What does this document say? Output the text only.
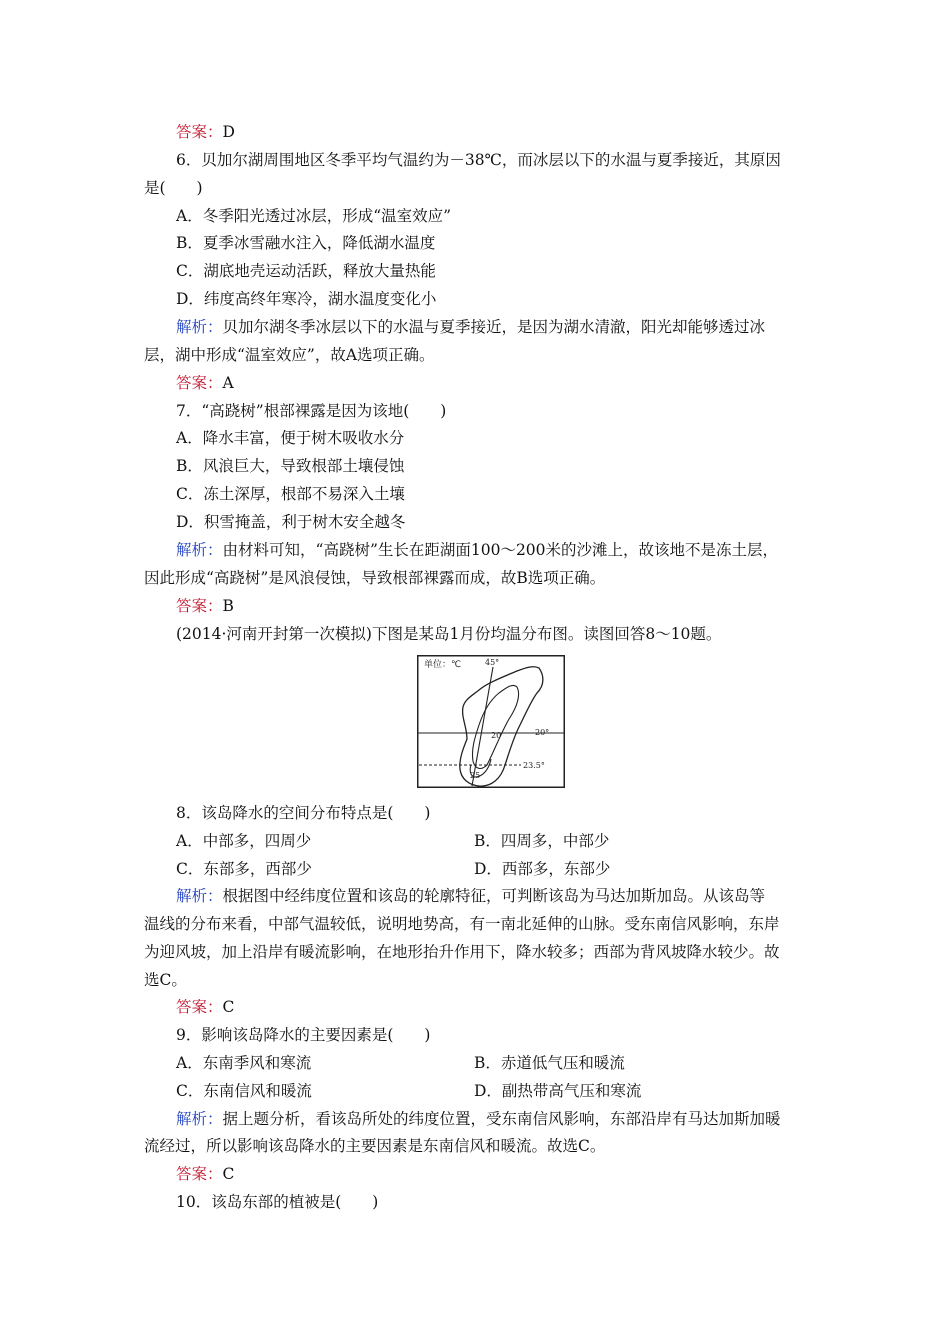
答案：D
6．贝加尔湖周围地区冬季平均气温约为－38℃，而冰层以下的水温与夏季接近，其原因
是(　　)
A．冬季阳光透过冰层，形成“温室效应”
B．夏季冰雪融水注入，降低湖水温度
C．湖底地壳运动活跃，释放大量热能
D．纬度高终年寒冷，湖水温度变化小
解析：贝加尔湖冬季冰层以下的水温与夏季接近，是因为湖水清澈，阳光却能够透过冰
层，湖中形成“温室效应”，故A选项正确。
答案：A
7．“高跷树”根部裸露是因为该地(　　)
A．降水丰富，便于树木吸收水分
B．风浪巨大，导致根部土壤侵蚀
C．冻土深厚，根部不易深入土壤
D．积雪掩盖，利于树木安全越冬
解析：由材料可知，“高跷树”生长在距湖面100～200米的沙滩上，故该地不是冻土层，
因此形成“高跷树”是风浪侵蚀，导致根部裸露而成，故B选项正确。
答案：B
(2014·河南开封第一次模拟)下图是某岛1月份均温分布图。读图回答8～10题。
单位：℃	45°
20°
23.5°
20
25
8．该岛降水的空间分布特点是(　　)
A．中部多，四周少	B．四周多，中部少
C．东部多，西部少	D．西部多，东部少
解析：根据图中经纬度位置和该岛的轮廓特征，可判断该岛为马达加斯加岛。从该岛等
温线的分布来看，中部气温较低，说明地势高，有一南北延伸的山脉。受东南信风影响，东岸
为迎风坡，加上沿岸有暖流影响，在地形抬升作用下，降水较多；西部为背风坡降水较少。故
选C。
答案：C
9．影响该岛降水的主要因素是(　　)
A．东南季风和寒流	B．赤道低气压和暖流
C．东南信风和暖流	D．副热带高气压和寒流
解析：据上题分析，看该岛所处的纬度位置，受东南信风影响，东部沿岸有马达加斯加暖
流经过，所以影响该岛降水的主要因素是东南信风和暖流。故选C。
答案：C
10．该岛东部的植被是(　　)
